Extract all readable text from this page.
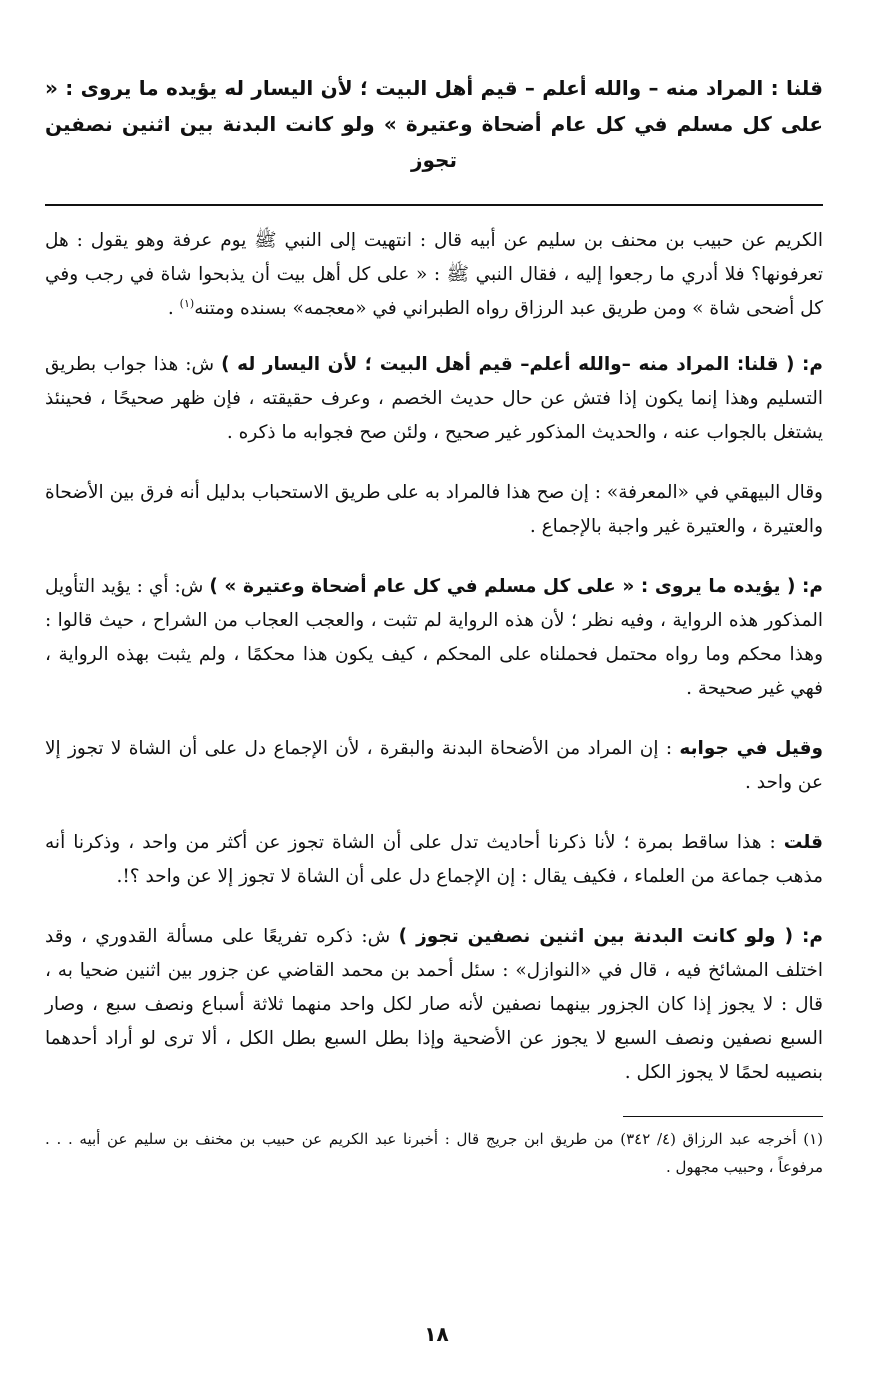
قلنا : المراد منه – والله أعلم – قيم أهل البيت ؛ لأن اليسار له يؤيده ما يروى : « على كل مسلم في كل عام أضحاة وعتيرة » ولو كانت البدنة بين اثنين نصفين تجوز

الكريم عن حبيب بن محنف بن سليم عن أبيه قال : انتهيت إلى النبي ﷺ يوم عرفة وهو يقول : هل تعرفونها؟ فلا أدري ما رجعوا إليه ، فقال النبي ﷺ : « على كل أهل بيت أن يذبحوا شاة في رجب وفي كل أضحى شاة » ومن طريق عبد الرزاق رواه الطبراني في «معجمه» بسنده ومتنه$^{(١)}$ .

م: ( قلنا: المراد منه –والله أعلم– قيم أهل البيت ؛ لأن اليسار له ) ش: هذا جواب بطريق التسليم وهذا إنما يكون إذا فتش عن حال حديث الخصم ، وعرف حقيقته ، فإن ظهر صحيحًا ، فحينئذ يشتغل بالجواب عنه ، والحديث المذكور غير صحيح ، ولئن صح فجوابه ما ذكره .

وقال البيهقي في «المعرفة» : إن صح هذا فالمراد به على طريق الاستحباب بدليل أنه فرق بين الأضحاة والعتيرة ، والعتيرة غير واجبة بالإجماع .

م: ( يؤيده ما يروى : « على كل مسلم في كل عام أضحاة وعتيرة » ) ش: أي : يؤيد التأويل المذكور هذه الرواية ، وفيه نظر ؛ لأن هذه الرواية لم تثبت ، والعجب العجاب من الشراح ، حيث قالوا : وهذا محكم وما رواه محتمل فحملناه على المحكم ، كيف يكون هذا محكمًا ، ولم يثبت بهذه الرواية ، فهي غير صحيحة .

وقيل في جوابه : إن المراد من الأضحاة البدنة والبقرة ، لأن الإجماع دل على أن الشاة لا تجوز إلا عن واحد .

قلت : هذا ساقط بمرة ؛ لأنا ذكرنا أحاديث تدل على أن الشاة تجوز عن أكثر من واحد ، وذكرنا أنه مذهب جماعة من العلماء ، فكيف يقال : إن الإجماع دل على أن الشاة لا تجوز إلا عن واحد ؟!.

م: ( ولو كانت البدنة بين اثنين نصفين تجوز ) ش: ذكره تفريعًا على مسألة القدوري ، وقد اختلف المشائخ فيه ، قال في «النوازل» : سئل أحمد بن محمد القاضي عن جزور بين اثنين ضحيا به ، قال : لا يجوز إذا كان الجزور بينهما نصفين لأنه صار لكل واحد منهما ثلاثة أسباع ونصف سبع ، وصار السبع نصفين ونصف السبع لا يجوز عن الأضحية وإذا بطل السبع بطل الكل ، ألا ترى لو أراد أحدهما بنصيبه لحمًا لا يجوز الكل .

(١) أخرجه عبد الرزاق (٤/ ٣٤٢) من طريق ابن جريج قال : أخبرنا عبد الكريم عن حبيب بن مخنف بن سليم عن أبيه . . . مرفوعاً ، وحبيب مجهول .

١٨
